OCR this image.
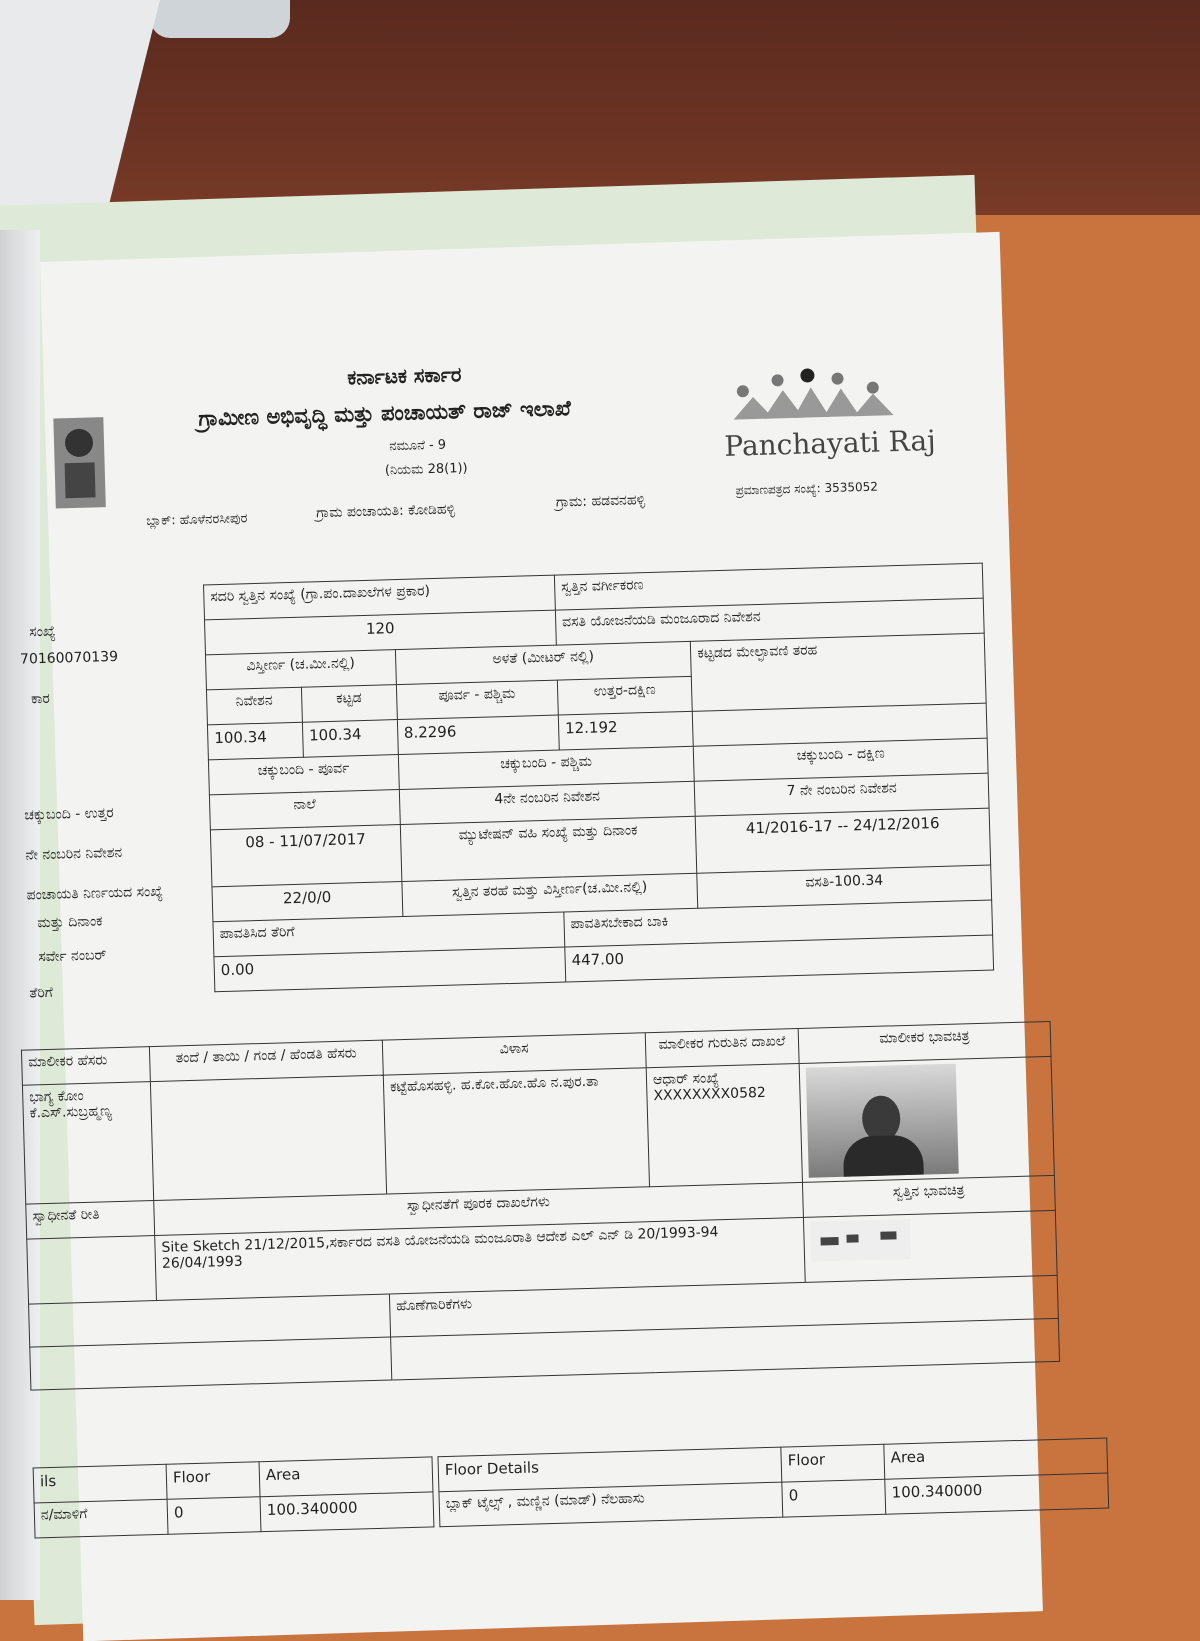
ಕರ್ನಾಟಕ ಸರ್ಕಾರ
ಗ್ರಾಮೀಣ ಅಭಿವೃದ್ಧಿ ಮತ್ತು ಪಂಚಾಯತ್ ರಾಜ್ ಇಲಾಖೆ
ನಮೂನೆ - 9
(ನಿಯಮ 28(1))
Panchayati Raj
ಬ್ಲಾಕ್: ಹೊಳೆನರಸೀಪುರ	ಗ್ರಾಮ ಪಂಚಾಯತಿ: ಕೋಡಿಹಳ್ಳಿ
ಗ್ರಾಮ: ಹಡವನಹಳ್ಳಿ
ಪ್ರಮಾಣಪತ್ರದ ಸಂಖ್ಯೆ: 3535052
ಸಂಖ್ಯೆ
70160070139
ಕಾರ
ಚಕ್ಕುಬಂದಿ - ಉತ್ತರ
ನೇ ನಂಬರಿನ ನಿವೇಶನ
ಪಂಚಾಯತಿ ನಿರ್ಣಯದ ಸಂಖ್ಯೆ
ಮತ್ತು ದಿನಾಂಕ
ಸರ್ವೇ ನಂಬರ್
ತೆರಿಗೆ
ಸದರಿ ಸ್ವತ್ತಿನ ಸಂಖ್ಯೆ (ಗ್ರಾ.ಪಂ.ದಾಖಲೆಗಳ ಪ್ರಕಾರ)			ಸ್ವತ್ತಿನ ವರ್ಗೀಕರಣ	
120			ವಸತಿ ಯೋಜನೆಯಡಿ ಮಂಜೂರಾದ ನಿವೇಶನ	
ವಿಸ್ತೀರ್ಣ (ಚ.ಮೀ.ನಲ್ಲಿ)		ಅಳತೆ (ಮೀಟರ್ ನಲ್ಲಿ)		ಕಟ್ಟಡದ ಮೇಲ್ಛಾವಣಿ ತರಹ
ನಿವೇಶನ	ಕಟ್ಟಡ	ಪೂರ್ವ - ಪಶ್ಚಿಮ	ಉತ್ತರ-ದಕ್ಷಿಣ	
100.34	100.34	8.2296	12.192	
ಚಕ್ಕುಬಂದಿ - ಪೂರ್ವ		ಚಕ್ಕುಬಂದಿ - ಪಶ್ಚಿಮ		ಚಕ್ಕುಬಂದಿ - ದಕ್ಷಿಣ
ನಾಲೆ		4ನೇ ನಂಬರಿನ ನಿವೇಶನ		7 ನೇ ನಂಬರಿನ ನಿವೇಶನ
08 - 11/07/2017		ಮ್ಯುಟೇಷನ್ ವಹಿ ಸಂಖ್ಯೆ ಮತ್ತು ದಿನಾಂಕ		41/2016-17 -- 24/12/2016
22/0/0		ಸ್ವತ್ತಿನ ತರಹೆ ಮತ್ತು ವಿಸ್ತೀರ್ಣ(ಚ.ಮೀ.ನಲ್ಲಿ)		ವಸತಿ-100.34
ಪಾವತಿಸಿದ ತೆರಿಗೆ			ಪಾವತಿಸಬೇಕಾದ ಬಾಕಿ	
0.00			447.00	
ಮಾಲೀಕರ ಹೆಸರು	ತಂದೆ / ತಾಯಿ / ಗಂಡ / ಹೆಂಡತಿ ಹೆಸರು	ವಿಳಾಸ	ಮಾಲೀಕರ ಗುರುತಿನ ದಾಖಲೆ	ಮಾಲೀಕರ ಭಾವಚಿತ್ರ
ಭಾಗ್ಯ ಕೋಂ ಕೆ.ಎಸ್.ಸುಬ್ರಹ್ಮಣ್ಯ		ಕಟ್ಟೆಹೊಸಹಳ್ಳಿ. ಹ.ಕೋ.ಹೋ.ಹೊ ನ.ಪುರ.ತಾ	ಆಧಾರ್ ಸಂಖ್ಯೆ XXXXXXXX0582	

ಸ್ವಾಧೀನತೆ ರೀತಿ	ಸ್ವಾಧೀನತೆಗೆ ಪೂರಕ ದಾಖಲೆಗಳು			ಸ್ವತ್ತಿನ ಭಾವಚಿತ್ರ
	Site Sketch 21/12/2015,ಸರ್ಕಾರದ ವಸತಿ ಯೋಜನೆಯಡಿ ಮಂಜೂರಾತಿ ಆದೇಶ ಎಲ್ ಎನ್ ಡಿ 20/1993-94 26/04/1993			

		ಹೊಣೆಗಾರಿಕೆಗಳು		

ils	Floor	Area
ನ/ಮಾಳಿಗೆ	0	100.340000
Floor Details	Floor	Area
ಬ್ಲಾಕ್ ಟೈಲ್ಸ್ , ಮಣ್ಣಿನ (ಮಾಡ್) ನೆಲಹಾಸು	0	100.340000
